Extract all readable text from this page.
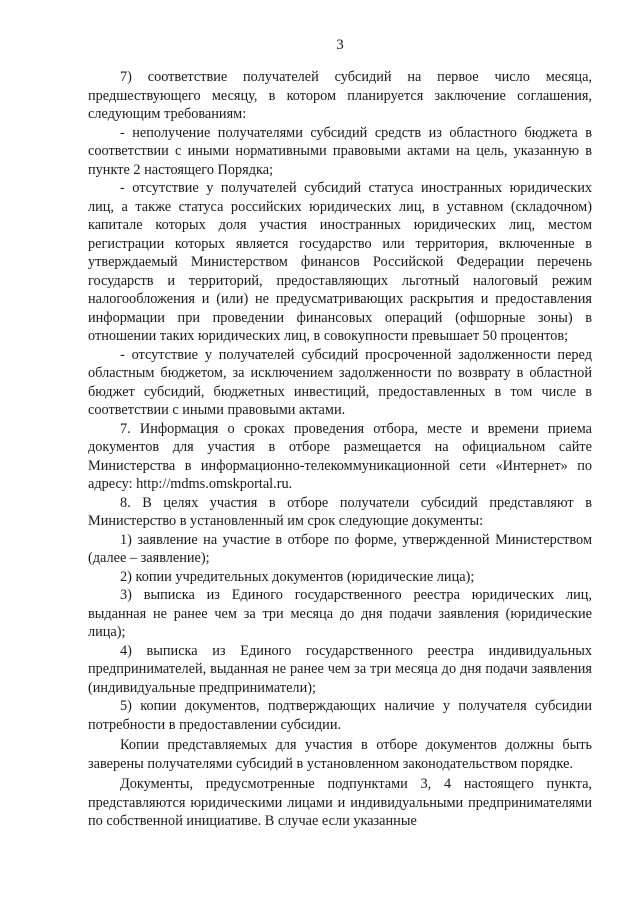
3

7) соответствие получателей субсидий на первое число месяца, предшествующего месяцу, в котором планируется заключение соглашения, следующим требованиям:

- неполучение получателями субсидий средств из областного бюджета в соответствии с иными нормативными правовыми актами на цель, указанную в пункте 2 настоящего Порядка;

- отсутствие у получателей субсидий статуса иностранных юридических лиц, а также статуса российских юридических лиц, в уставном (складочном) капитале которых доля участия иностранных юридических лиц, местом регистрации которых является государство или территория, включенные в утверждаемый Министерством финансов Российской Федерации перечень государств и территорий, предоставляющих льготный налоговый режим налогообложения и (или) не предусматривающих раскрытия и предоставления информации при проведении финансовых операций (офшорные зоны) в отношении таких юридических лиц, в совокупности превышает 50 процентов;

- отсутствие у получателей субсидий просроченной задолженности перед областным бюджетом, за исключением задолженности по возврату в областной бюджет субсидий, бюджетных инвестиций, предоставленных в том числе в соответствии с иными правовыми актами.

7. Информация о сроках проведения отбора, месте и времени приема документов для участия в отборе размещается на официальном сайте Министерства в информационно-телекоммуникационной сети «Интернет» по адресу: http://mdms.omskportal.ru.

8. В целях участия в отборе получатели субсидий представляют в Министерство в установленный им срок следующие документы:

1) заявление на участие в отборе по форме, утвержденной Министерством (далее – заявление);

2) копии учредительных документов (юридические лица);

3) выписка из Единого государственного реестра юридических лиц, выданная не ранее чем за три месяца до дня подачи заявления (юридические лица);

4) выписка из Единого государственного реестра индивидуальных предпринимателей, выданная не ранее чем за три месяца до дня подачи заявления (индивидуальные предприниматели);

5) копии документов, подтверждающих наличие у получателя субсидии потребности в предоставлении субсидии.

Копии представляемых для участия в отборе документов должны быть заверены получателями субсидий в установленном законодательством порядке.

Документы, предусмотренные подпунктами 3, 4 настоящего пункта, представляются юридическими лицами и индивидуальными предпринимателями по собственной инициативе. В случае если указанные
